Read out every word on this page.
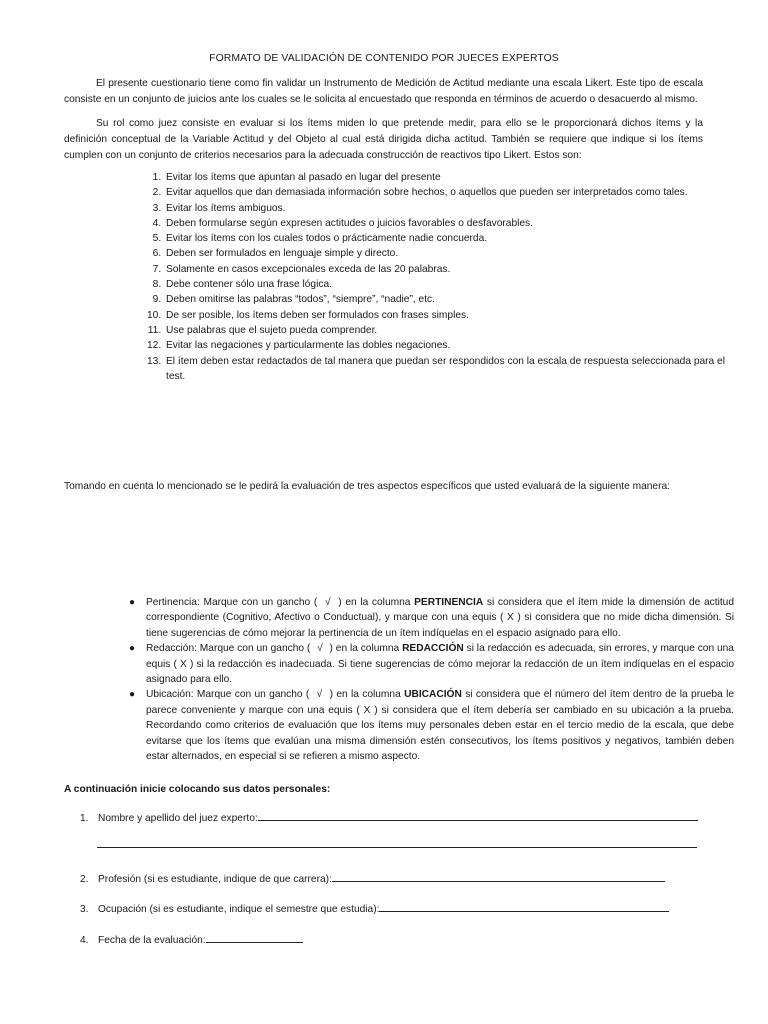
FORMATO DE VALIDACIÓN DE CONTENIDO POR JUECES EXPERTOS
El presente cuestionario tiene como fin validar un Instrumento de Medición de Actitud mediante una escala Likert. Este tipo de escala consiste en un conjunto de juicios ante los cuales se le solicita al encuestado que responda en términos de acuerdo o desacuerdo al mismo.
Su rol como juez consiste en evaluar si los ítems miden lo que pretende medir, para ello se le proporcionará dichos ítems y la definición conceptual de la Variable Actitud y del Objeto al cual está dirigida dicha actitud. También se requiere que indique si los ítems cumplen con un conjunto de criterios necesarios para la adecuada construcción de reactivos tipo Likert. Estos son:
1. Evitar los ítems que apuntan al pasado en lugar del presente
2. Evitar aquellos que dan demasiada información sobre hechos, o aquellos que pueden ser interpretados como tales.
3. Evitar los ítems ambiguos.
4. Deben formularse según expresen actitudes o juicios favorables o desfavorables.
5. Evitar los ítems con los cuales todos o prácticamente nadie concuerda.
6. Deben ser formulados en lenguaje simple y directo.
7. Solamente en casos excepcionales exceda de las 20 palabras.
8. Debe contener sólo una frase lógica.
9. Deben omitirse las palabras “todos”, “siempre”, “nadie”, etc.
10. De ser posible, los ítems deben ser formulados con frases simples.
11. Use palabras que el sujeto pueda comprender.
12. Evitar las negaciones y particularmente las dobles negaciones.
13. El ítem deben estar redactados de tal manera que puedan ser respondidos con la escala de respuesta seleccionada para el test.
Tomando en cuenta lo mencionado se le pedirá la evaluación de tres aspectos específicos que usted evaluará de la siguiente manera:
● Pertinencia: Marque con un gancho ( √ ) en la columna PERTINENCIA si considera que el ítem mide la dimensión de actitud correspondiente (Cognitivo, Afectivo o Conductual), y marque con una equis ( X ) si considera que no mide dicha dimensión. Si tiene sugerencias de cómo mejorar la pertinencia de un ítem indíquelas en el espacio asignado para ello.
● Redacción: Marque con un gancho ( √ ) en la columna REDACCIÓN si la redacción es adecuada, sin errores, y marque con una equis ( X ) si la redacción es inadecuada. Si tiene sugerencias de cómo mejorar la redacción de un ítem indíquelas en el espacio asignado para ello.
● Ubicación: Marque con un gancho ( √ ) en la columna UBICACIÓN si considera que el número del ítem dentro de la prueba le parece conveniente y marque con una equis ( X ) si considera que el ítem debería ser cambiado en su ubicación a la prueba. Recordando como criterios de evaluación que los ítems muy personales deben estar en el tercio medio de la escala, que debe evitarse que los ítems que evalúan una misma dimensión estén consecutivos, los ítems positivos y negativos, también deben estar alternados, en especial si se refieren a mismo aspecto.
A continuación inicie colocando sus datos personales:
1. Nombre y apellido del juez experto:
2. Profesión (si es estudiante, indique de que carrera):
3. Ocupación (si es estudiante, indique el semestre que estudia):
4. Fecha de la evaluación:
